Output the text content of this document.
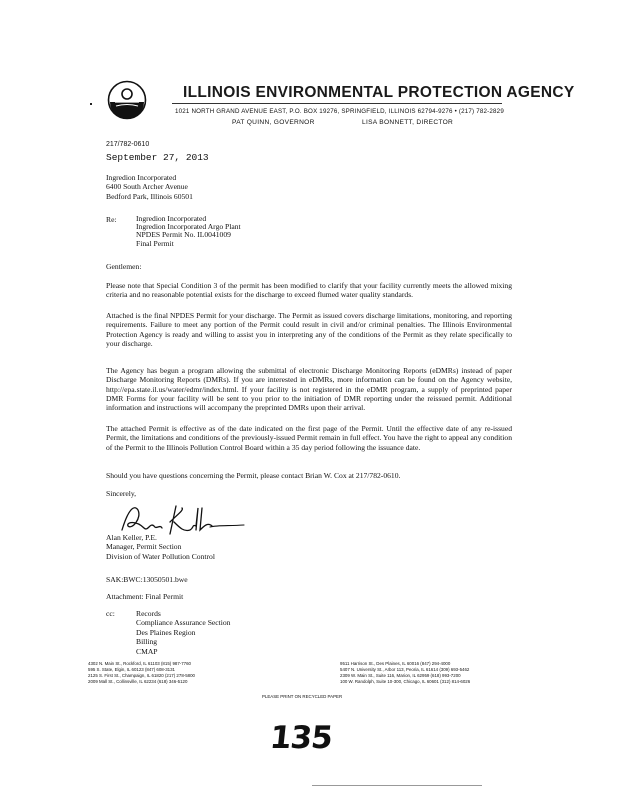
ILLINOIS ENVIRONMENTAL PROTECTION AGENCY
1021 NORTH GRAND AVENUE EAST, P.O. BOX 19276, SPRINGFIELD, ILLINOIS 62794-9276 • (217) 782-2829
PAT QUINN, GOVERNOR	LISA BONNETT, DIRECTOR
217/782-0610
September 27, 2013
Ingredion Incorporated
6400 South Archer Avenue
Bedford Park, Illinois 60501
Re:	Ingredion Incorporated
Ingredion Incorporated Argo Plant
NPDES Permit No. IL0041009
Final Permit
Gentlemen:
Please note that Special Condition 3 of the permit has been modified to clarify that your facility currently meets the allowed mixing criteria and no reasonable potential exists for the discharge to exceed flumed water quality standards.
Attached is the final NPDES Permit for your discharge. The Permit as issued covers discharge limitations, monitoring, and reporting requirements. Failure to meet any portion of the Permit could result in civil and/or criminal penalties. The Illinois Environmental Protection Agency is ready and willing to assist you in interpreting any of the conditions of the Permit as they relate specifically to your discharge.
The Agency has begun a program allowing the submittal of electronic Discharge Monitoring Reports (eDMRs) instead of paper Discharge Monitoring Reports (DMRs). If you are interested in eDMRs, more information can be found on the Agency website, http://epa.state.il.us/water/edmr/index.html. If your facility is not registered in the eDMR program, a supply of preprinted paper DMR Forms for your facility will be sent to you prior to the initiation of DMR reporting under the reissued permit. Additional information and instructions will accompany the preprinted DMRs upon their arrival.
The attached Permit is effective as of the date indicated on the first page of the Permit. Until the effective date of any re-issued Permit, the limitations and conditions of the previously-issued Permit remain in full effect. You have the right to appeal any condition of the Permit to the Illinois Pollution Control Board within a 35 day period following the issuance date.
Should you have questions concerning the Permit, please contact Brian W. Cox at 217/782-0610.
Sincerely,
Alan Keller, P.E.
Manager, Permit Section
Division of Water Pollution Control
SAK:BWC:13050501.bwe
Attachment: Final Permit
cc:	Records
Compliance Assurance Section
Des Plaines Region
Billing
CMAP
4302 N. Main St., Rockford, IL 61103 (815) 987-7760
595 S. State, Elgin, IL 60123 (847) 608-3131
2125 S. First St., Champaign, IL 61820 (217) 278-5800
2009 Mall St., Collinsville, IL 62234 (618) 346-5120
9511 Harrison St., Des Plaines, IL 60016 (847) 294-4000
5407 N. University St., Arbor 113, Peoria, IL 61614 (309) 693-5462
2309 W. Main St., Suite 116, Marion, IL 62959 (618) 993-7200
100 W. Randolph, Suite 10-300, Chicago, IL 60601 (312) 814-6026
PLEASE PRINT ON RECYCLED PAPER
135
